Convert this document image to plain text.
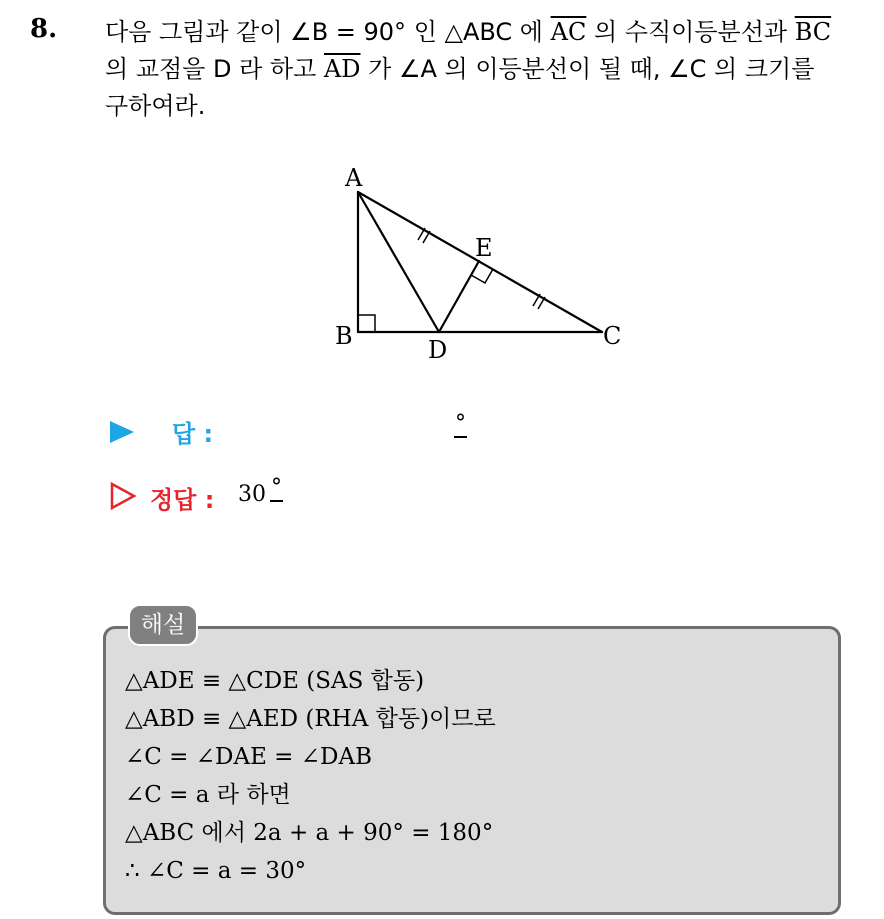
8. 다음 그림과 같이 ∠B = 90° 인 △ABC 에 $\overline{AC}$ 의 수직이등분선과 $\overline{BC}$
의 교점을 D 라 하고 $\overline{AD}$ 가 ∠A 의 이등분선이 될 때, ∠C 의 크기를
구하여라.
A
B	C
D
E
답 :	°
정답 : 30 °
해설
△ADE ≡ △CDE (SAS 합동)
△ABD ≡ △AED (RHA 합동)이므로
∠C = ∠DAE = ∠DAB
∠C = a 라 하면
△ABC 에서 2a + a + 90° = 180°
∴ ∠C = a = 30°
